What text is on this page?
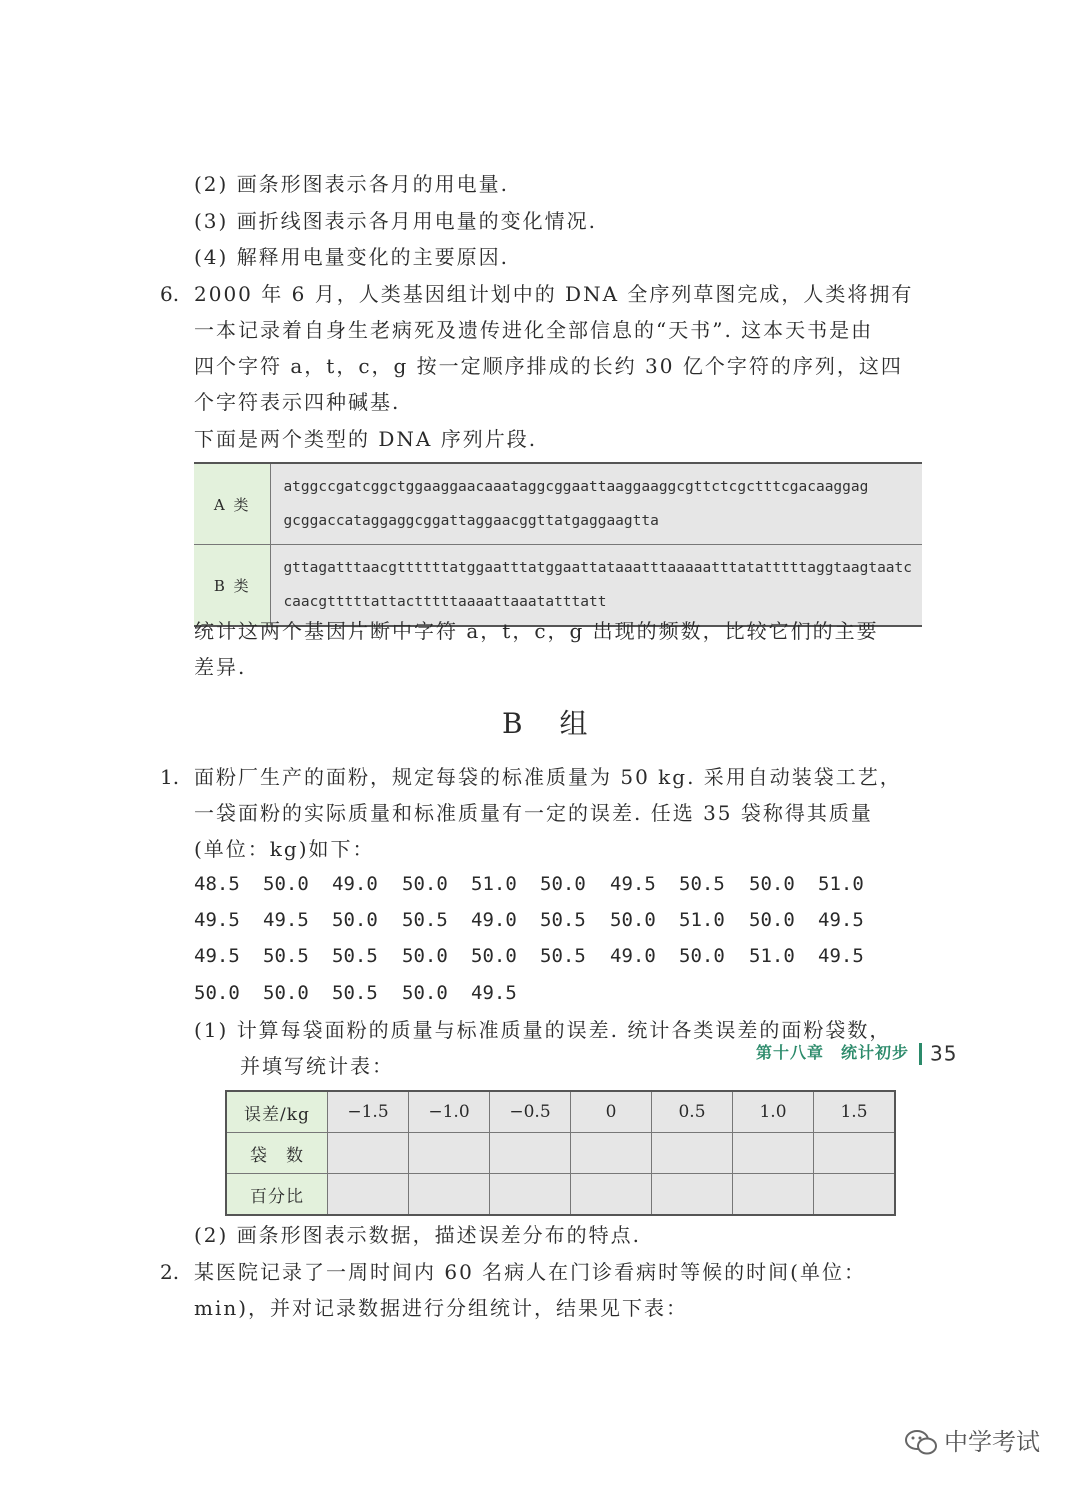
(2) 画条形图表示各月的用电量.
(3) 画折线图表示各月用电量的变化情况.
(4) 解释用电量变化的主要原因.
6. 2000 年 6 月，人类基因组计划中的 DNA 全序列草图完成，人类将拥有
一本记录着自身生老病死及遗传进化全部信息的“天书”. 这本天书是由
四个字符 a，t，c，g 按一定顺序排成的长约 30 亿个字符的序列，这四
个字符表示四种碱基.
下面是两个类型的 DNA 序列片段.
A 类	atggccgatcggctggaaggaacaaataggcggaattaaggaaggcgttctcgctttcgacaaggag
gcggaccataggaggcggattaggaacggttatgaggaagtta

B 类	gttagatttaacgttttttatggaatttatggaattataaatttaaaaatttatatttttaggtaagtaatc
caacgtttttattactttttaaaattaaatatttatt
统计这两个基因片断中字符 a，t，c，g 出现的频数，比较它们的主要
差异.
B 组
1. 面粉厂生产的面粉，规定每袋的标准质量为 50 kg. 采用自动装袋工艺，
一袋面粉的实际质量和标准质量有一定的误差. 任选 35 袋称得其质量
(单位：kg)如下：
48.5 50.0 49.0 50.0 51.0 50.0 49.5 50.5 50.0 51.0
49.5 49.5 50.0 50.5 49.0 50.5 50.0 51.0 50.0 49.5
49.5 50.5 50.5 50.0 50.0 50.5 49.0 50.0 51.0 49.5
50.0 50.0 50.5 50.0 49.5
(1) 计算每袋面粉的质量与标准质量的误差. 统计各类误差的面粉袋数，
并填写统计表：
误差/kg	−1.5	−1.0	−0.5	0	0.5	1.0	1.5
袋　数							
百分比							
(2) 画条形图表示数据，描述误差分布的特点.
2. 某医院记录了一周时间内 60 名病人在门诊看病时等候的时间(单位：
min)，并对记录数据进行分组统计，结果见下表：
第十八章　统计初步 35
中学考试
